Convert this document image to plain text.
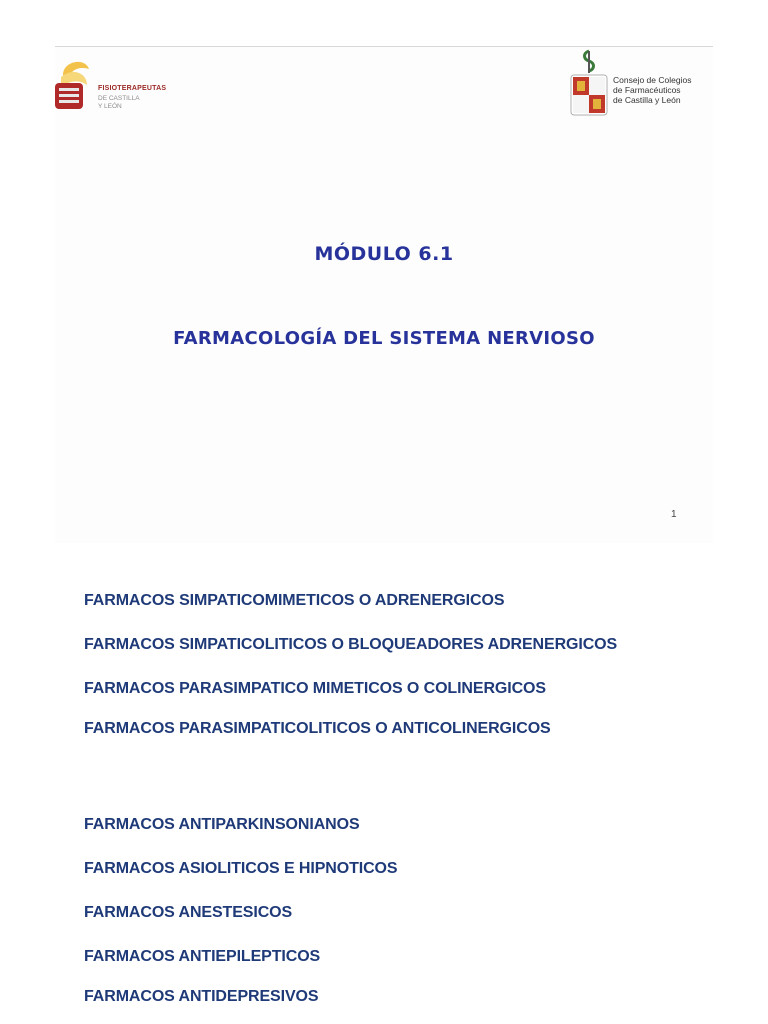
FISIOTERAPEUTAS
DE CASTILLA
Y LEÓN
Consejo de Colegios
de Farmacéuticos
de Castilla y León
MÓDULO 6.1
FARMACOLOGÍA DEL SISTEMA NERVIOSO
1
FARMACOS SIMPATICOMIMETICOS O ADRENERGICOS
FARMACOS SIMPATICOLITICOS O BLOQUEADORES ADRENERGICOS
FARMACOS PARASIMPATICO MIMETICOS O COLINERGICOS
FARMACOS PARASIMPATICOLITICOS O ANTICOLINERGICOS
FARMACOS ANTIPARKINSONIANOS
FARMACOS ASIOLITICOS E HIPNOTICOS
FARMACOS ANESTESICOS
FARMACOS ANTIEPILEPTICOS
FARMACOS ANTIDEPRESIVOS
